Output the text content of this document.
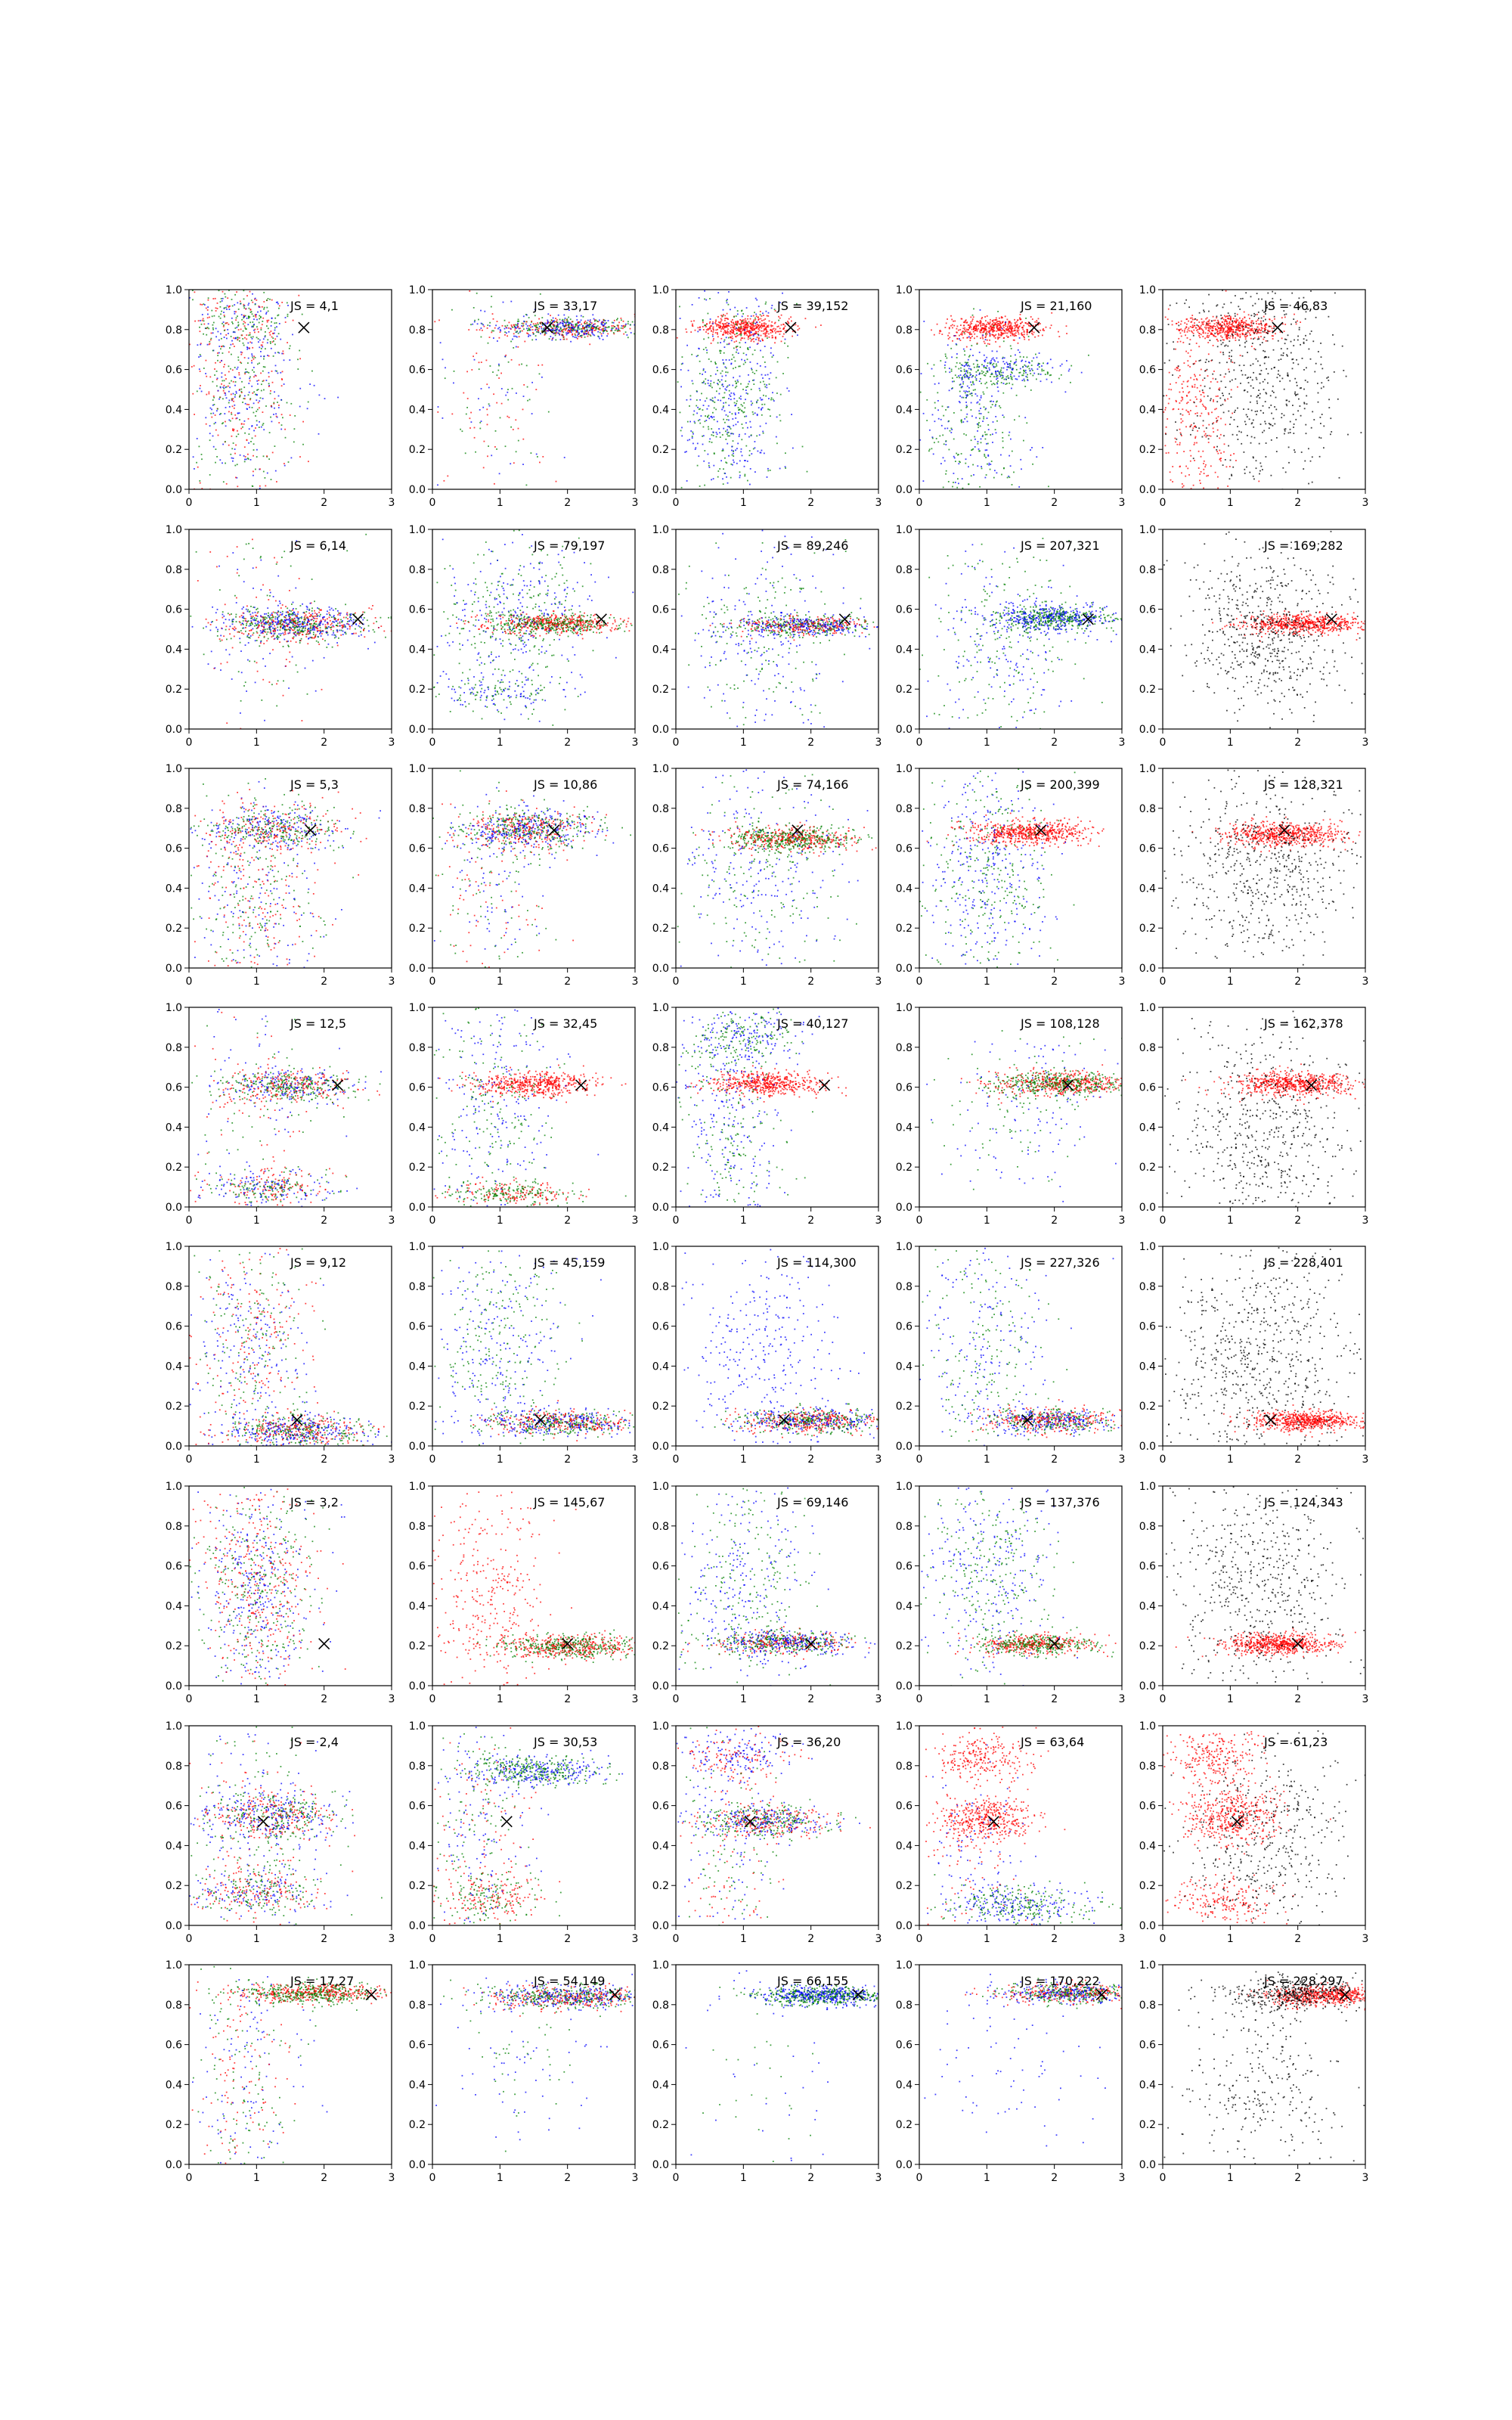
0	1	2	3
0.0
0.2
0.4
0.6
0.8
1.0
JS = 4,1
0	1	2	3
0.0
0.2
0.4
0.6
0.8
1.0
JS = 33,17
0	1	2	3
0.0
0.2
0.4
0.6
0.8
1.0
JS = 39,152
0	1	2	3
0.0
0.2
0.4
0.6
0.8
1.0
JS = 21,160
0	1	2	3
0.0
0.2
0.4
0.6
0.8
1.0
JS = 46,83
0	1	2	3
0.0
0.2
0.4
0.6
0.8
1.0
JS = 6,14
0	1	2	3
0.0
0.2
0.4
0.6
0.8
1.0
JS = 79,197
0	1	2	3
0.0
0.2
0.4
0.6
0.8
1.0
JS = 89,246
0	1	2	3
0.0
0.2
0.4
0.6
0.8
1.0
JS = 207,321
0	1	2	3
0.0
0.2
0.4
0.6
0.8
1.0
JS = 169,282
0	1	2	3
0.0
0.2
0.4
0.6
0.8
1.0
JS = 5,3
0	1	2	3
0.0
0.2
0.4
0.6
0.8
1.0
JS = 10,86
0	1	2	3
0.0
0.2
0.4
0.6
0.8
1.0
JS = 74,166
0	1	2	3
0.0
0.2
0.4
0.6
0.8
1.0
JS = 200,399
0	1	2	3
0.0
0.2
0.4
0.6
0.8
1.0
JS = 128,321
0	1	2	3
0.0
0.2
0.4
0.6
0.8
1.0
JS = 12,5
0	1	2	3
0.0
0.2
0.4
0.6
0.8
1.0
JS = 32,45
0	1	2	3
0.0
0.2
0.4
0.6
0.8
1.0
JS = 40,127
0	1	2	3
0.0
0.2
0.4
0.6
0.8
1.0
JS = 108,128
0	1	2	3
0.0
0.2
0.4
0.6
0.8
1.0
JS = 162,378
0	1	2	3
0.0
0.2
0.4
0.6
0.8
1.0
JS = 9,12
0	1	2	3
0.0
0.2
0.4
0.6
0.8
1.0
JS = 45,159
0	1	2	3
0.0
0.2
0.4
0.6
0.8
1.0
JS = 114,300
0	1	2	3
0.0
0.2
0.4
0.6
0.8
1.0
JS = 227,326
0	1	2	3
0.0
0.2
0.4
0.6
0.8
1.0
JS = 228,401
0	1	2	3
0.0
0.2
0.4
0.6
0.8
1.0
JS = 3,2
0	1	2	3
0.0
0.2
0.4
0.6
0.8
1.0
JS = 145,67
0	1	2	3
0.0
0.2
0.4
0.6
0.8
1.0
JS = 69,146
0	1	2	3
0.0
0.2
0.4
0.6
0.8
1.0
JS = 137,376
0	1	2	3
0.0
0.2
0.4
0.6
0.8
1.0
JS = 124,343
0	1	2	3
0.0
0.2
0.4
0.6
0.8
1.0
JS = 2,4
0	1	2	3
0.0
0.2
0.4
0.6
0.8
1.0
JS = 30,53
0	1	2	3
0.0
0.2
0.4
0.6
0.8
1.0
JS = 36,20
0	1	2	3
0.0
0.2
0.4
0.6
0.8
1.0
JS = 63,64
0	1	2	3
0.0
0.2
0.4
0.6
0.8
1.0
JS = 61,23
0	1	2	3
0.0
0.2
0.4
0.6
0.8
1.0
JS = 17,27
0	1	2	3
0.0
0.2
0.4
0.6
0.8
1.0
JS = 54,149
0	1	2	3
0.0
0.2
0.4
0.6
0.8
1.0
JS = 66,155
0	1	2	3
0.0
0.2
0.4
0.6
0.8
1.0
JS = 170,222
0	1	2	3
0.0
0.2
0.4
0.6
0.8
1.0
JS = 228,297
